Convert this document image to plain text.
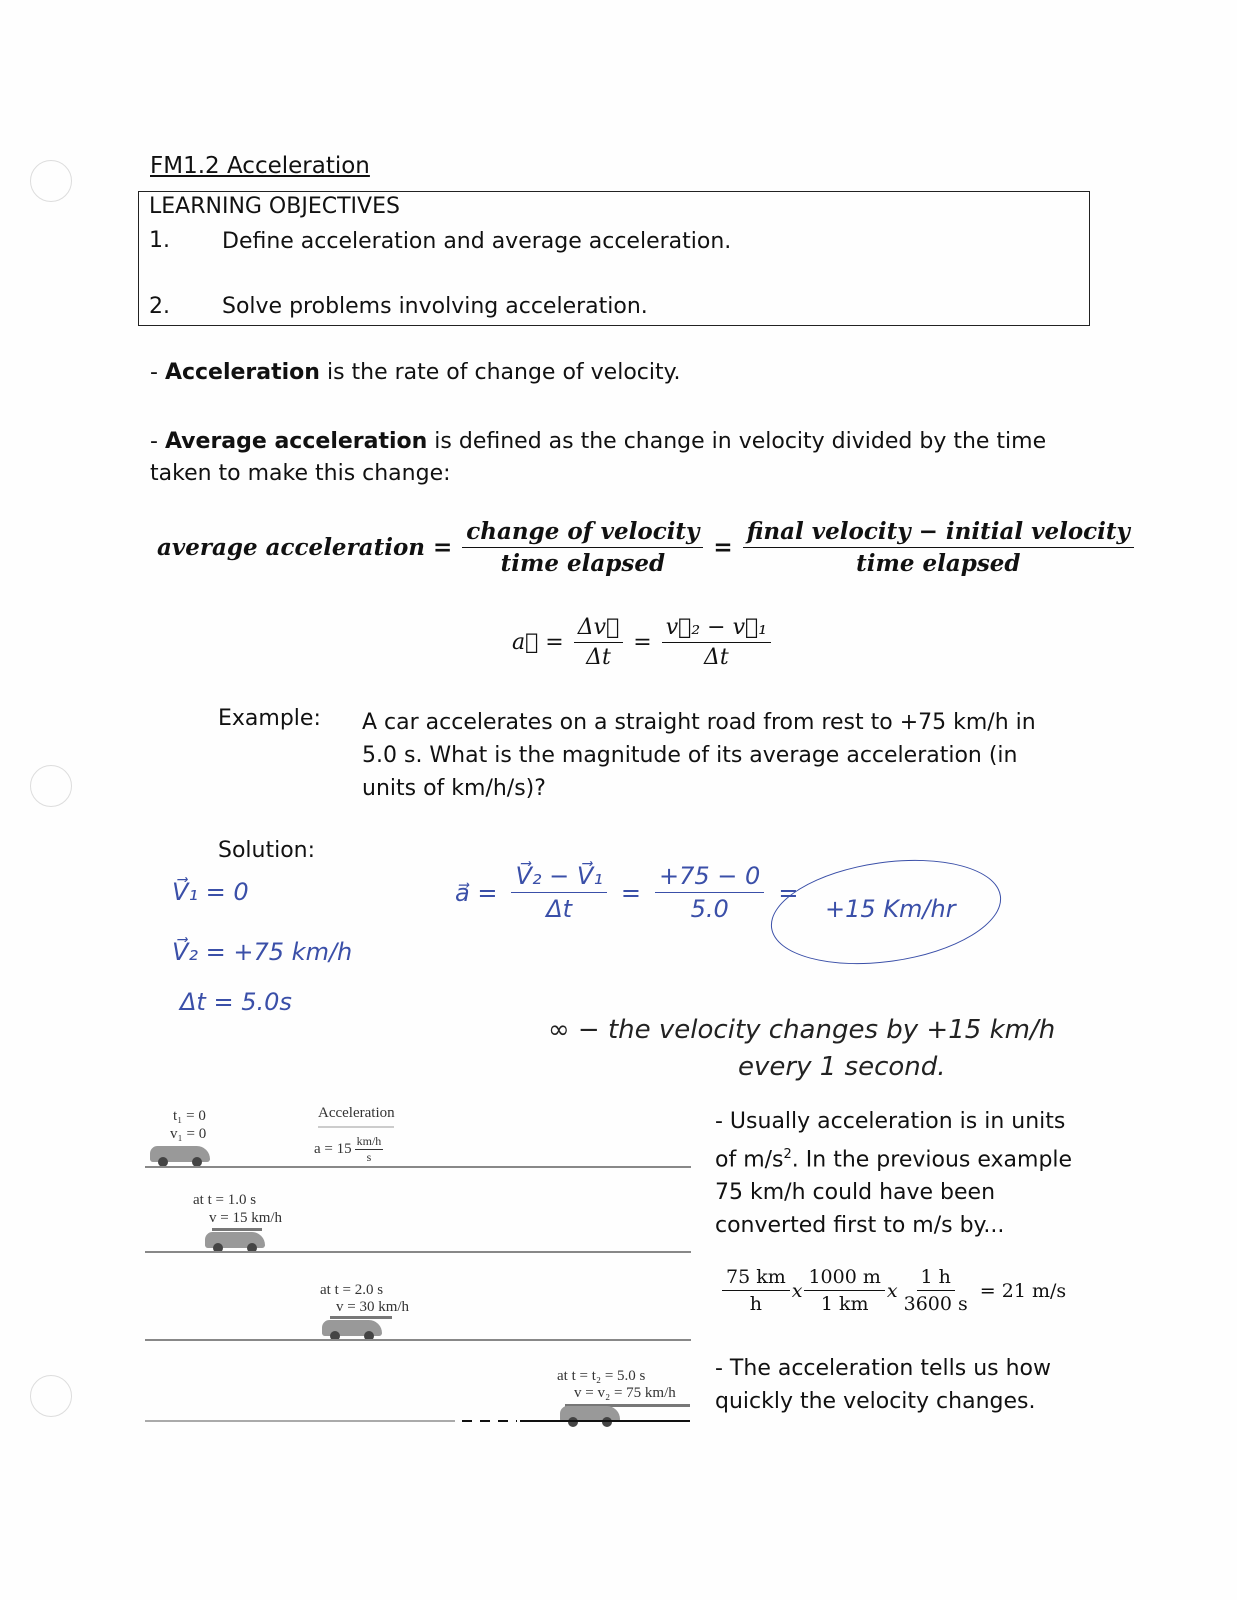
FM1.2 Acceleration
LEARNING OBJECTIVES
1. Define acceleration and average acceleration.
2. Solve problems involving acceleration.
- Acceleration is the rate of change of velocity.
- Average acceleration is defined as the change in velocity divided by the time taken to make this change:
average acceleration = $\frac{\text{change of velocity}}{\text{time elapsed}} = \frac{\text{final velocity − initial velocity}}{\text{time elapsed}}$
a⃗ = $\frac{\Delta v⃗}{\Delta t} = \frac{\text{v⃗₂ − v⃗₁}}{\Delta t}$
Example: A car accelerates on a straight road from rest to +75 km/h in 5.0 s. What is the magnitude of its average acceleration (in units of km/h/s)?
Solution:
V⃗₁ = 0
V⃗₂ = +75 km/h
Δt = 5.0s
a⃗ = $\frac{\text{V⃗₂ − V⃗₁}}{\Delta t} = \frac{+75 - 0}{5.0}$ =
+15 Km/hr
∞ − the velocity changes by +15 km/h
every 1 second.
t₁ = 0
v₁ = 0
Acceleration
$a = 15 \frac{km/h}{s}$
at t = 1.0 s
v = 15 km/h
at t = 2.0 s
v = 30 km/h
at t = t₂ = 5.0 s
v = v₂ = 75 km/h
- Usually acceleration is in units of $m/s^2$. In the previous example 75 km/h could have been converted first to m/s by...
$\frac{75 km}{h}$ x $\frac{1000 m}{1 km}$ x $\frac{1 h}{3600 s} = 21$ m/s
- The acceleration tells us how quickly the velocity changes.
